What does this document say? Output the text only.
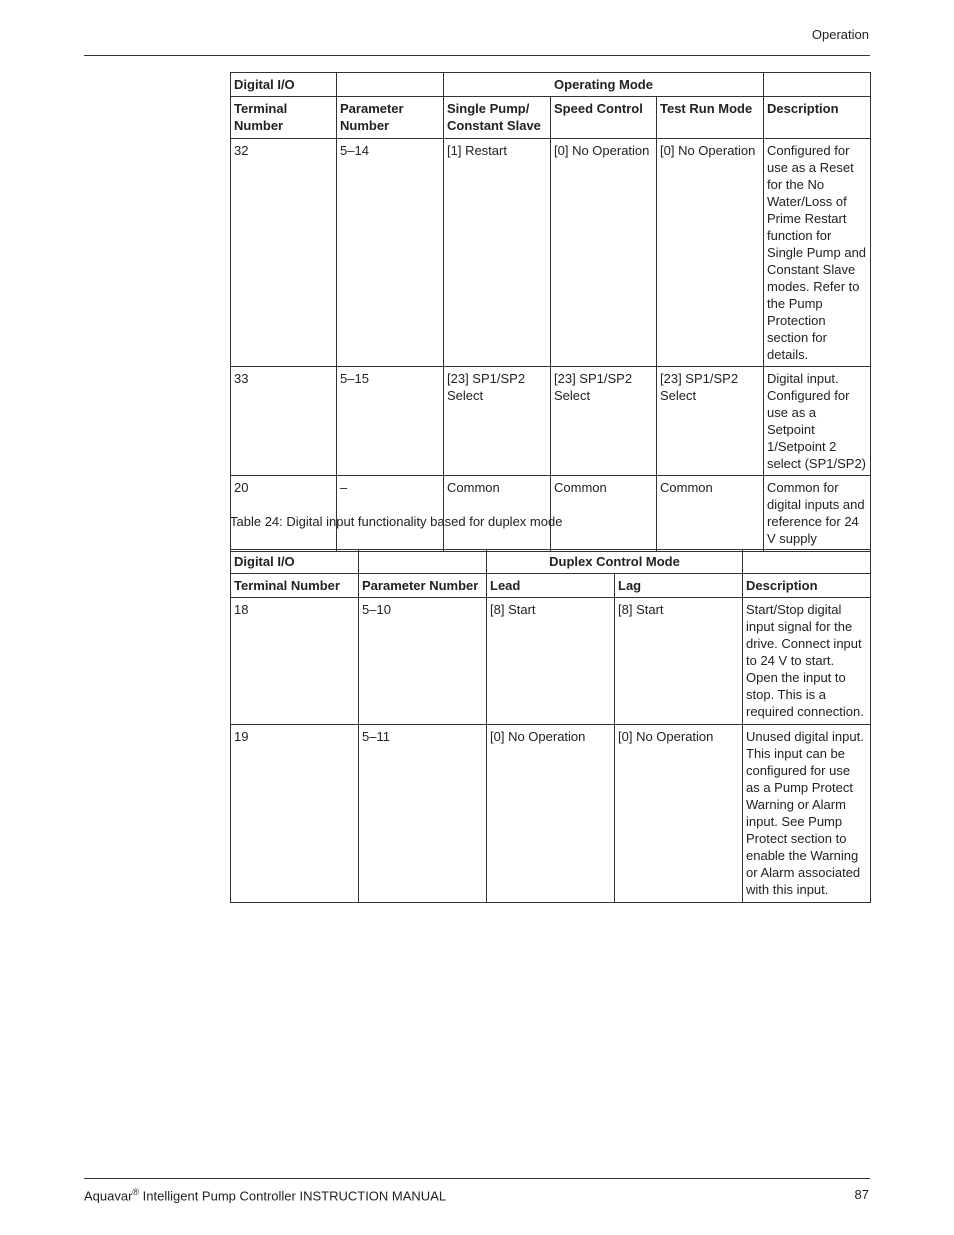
Operation
Digital I/O		Operating Mode			
Terminal Number	Parameter Number	Single Pump/ Constant Slave	Speed Control	Test Run Mode	Description
32	5–14	[1] Restart	[0] No Operation	[0] No Operation	Configured for use as a Reset for the No Water/Loss of Prime Restart function for Single Pump and Constant Slave modes. Refer to the Pump Protection section for details.
33	5–15	[23] SP1/SP2 Select	[23] SP1/SP2 Select	[23] SP1/SP2 Select	Digital input. Configured for use as a Setpoint 1/Setpoint 2 select (SP1/SP2)
20	–	Common	Common	Common	Common for digital inputs and reference for 24 V supply
Table 24: Digital input functionality based for duplex mode
Digital I/O		Duplex Control Mode		
Terminal Number	Parameter Number	Lead	Lag	Description
18	5–10	[8] Start	[8] Start	Start/Stop digital input signal for the drive. Connect input to 24 V to start. Open the input to stop. This is a required connection.
19	5–11	[0] No Operation	[0] No Operation	Unused digital input. This input can be configured for use as a Pump Protect Warning or Alarm input. See Pump Protect section to enable the Warning or Alarm associated with this input.
Aquavar® Intelligent Pump Controller INSTRUCTION MANUAL	87
